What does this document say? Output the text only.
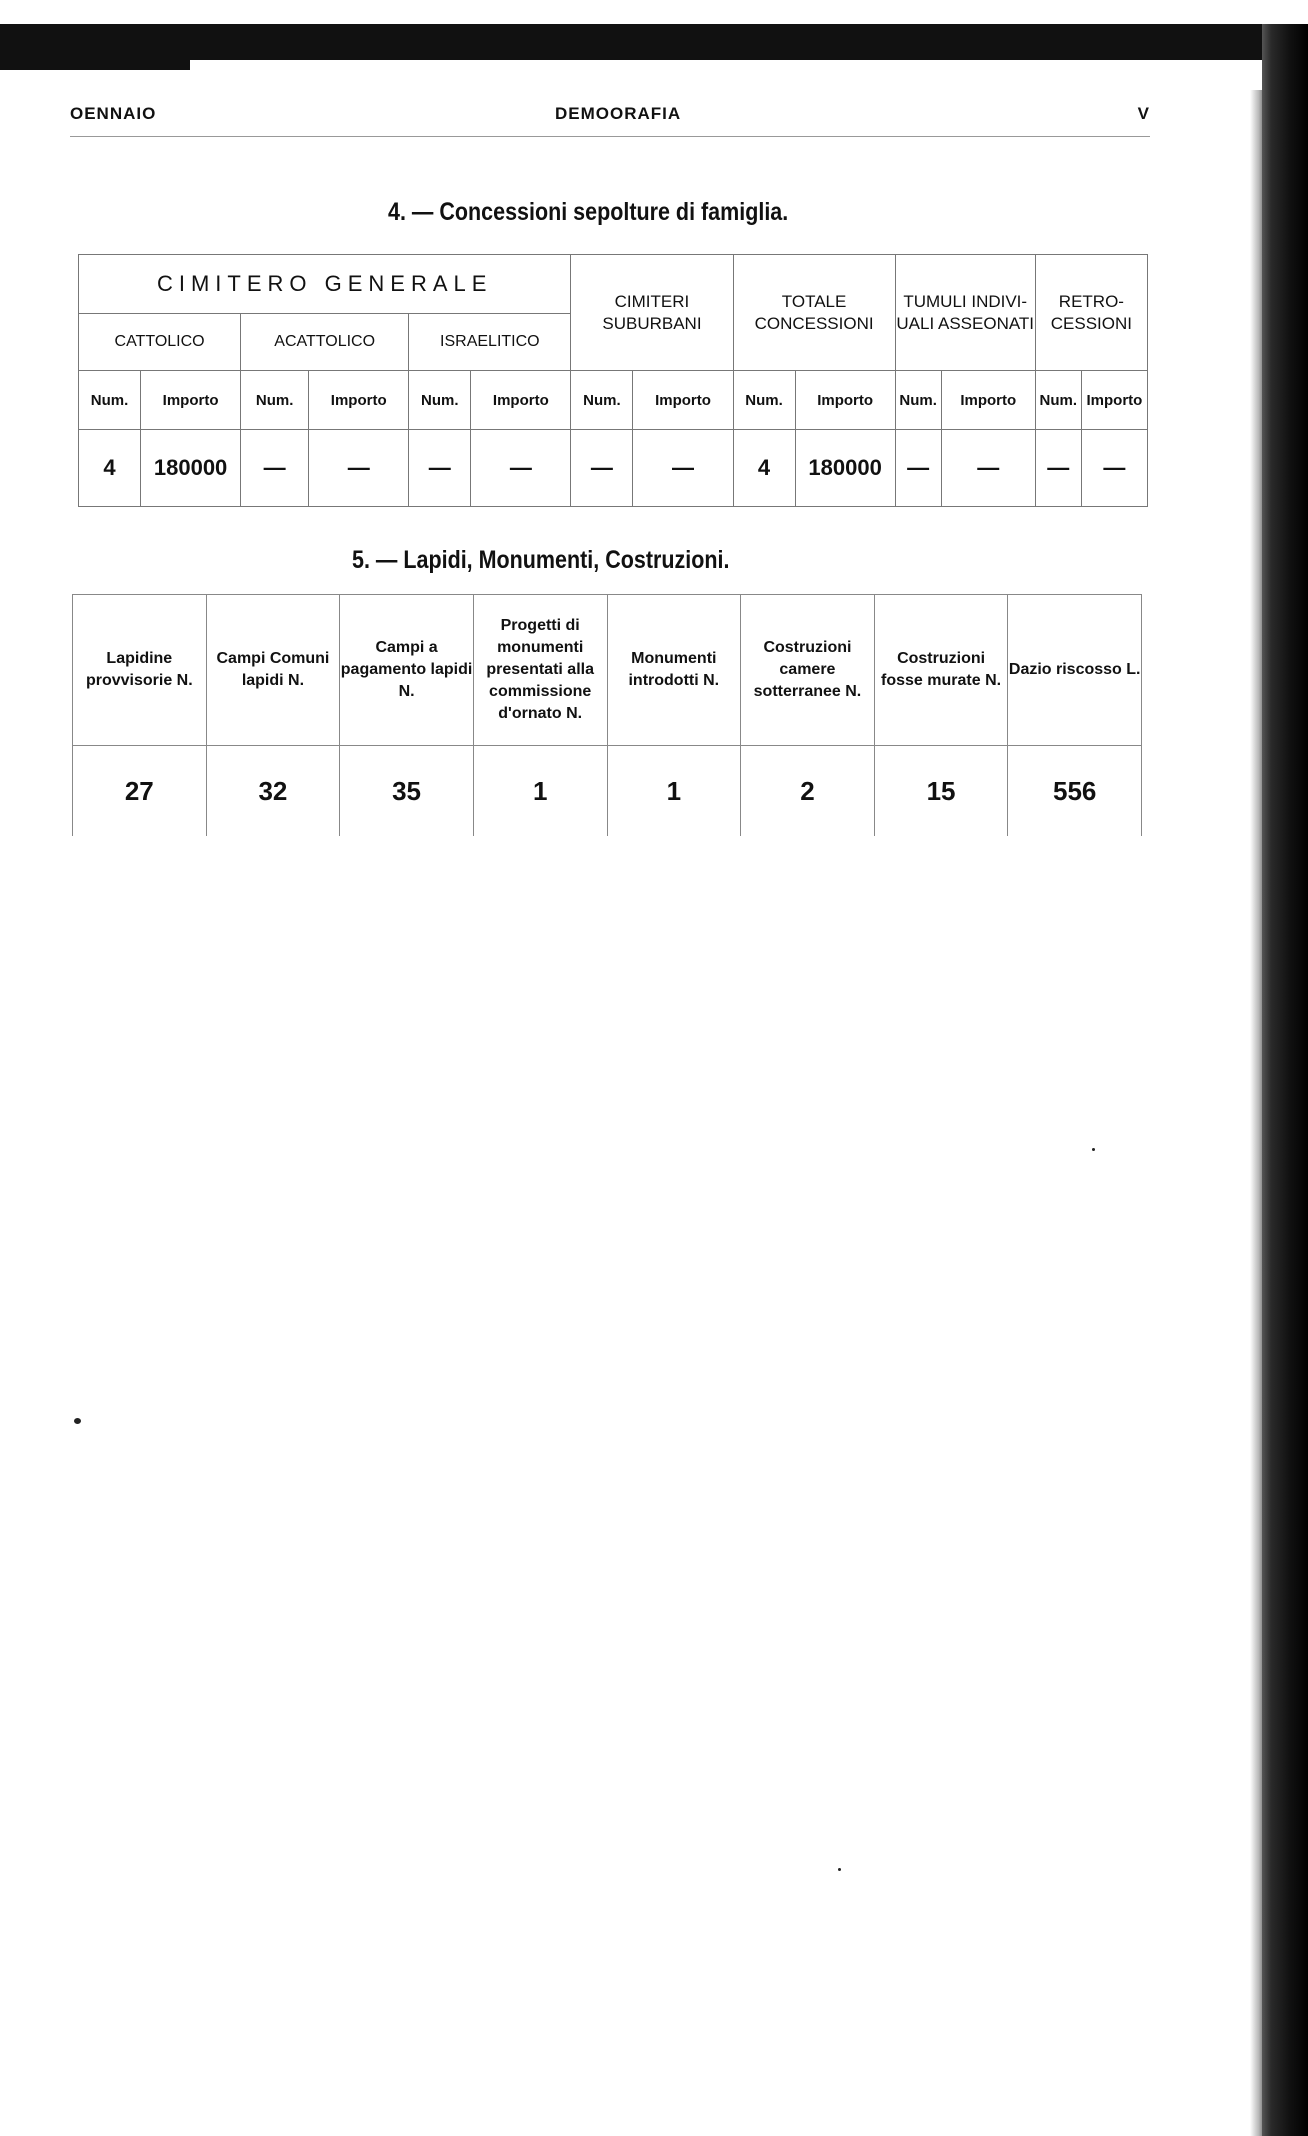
OENNAIO	DEMOORAFIA	V
4. — Concessioni sepolture di famiglia.
CIMITERO GENERALE						CIMITERI SUBURBANI		TOTALE CONCESSIONI		TUMULI INDIVI- UALI ASSEONATI		RETRO- CESSIONI	
CATTOLICO		ACATTOLICO		ISRAELITICO									
Num.	Importo	Num.	Importo	Num.	Importo	Num.	Importo	Num.	Importo	Num.	Importo	Num.	Importo
4	180000	—	—	—	—	—	—	4	180000	—	—	—	—
5. — Lapidi, Monumenti, Costruzioni.
Lapidine provvisorie N.	Campi Comuni lapidi N.	Campi a pagamento lapidi N.	Progetti di monumenti presentati alla commissione d'ornato N.	Monumenti introdotti N.	Costruzioni camere sotterranee N.	Costruzioni fosse murate N.	Dazio riscosso L.
27	32	35	1	1	2	15	556
